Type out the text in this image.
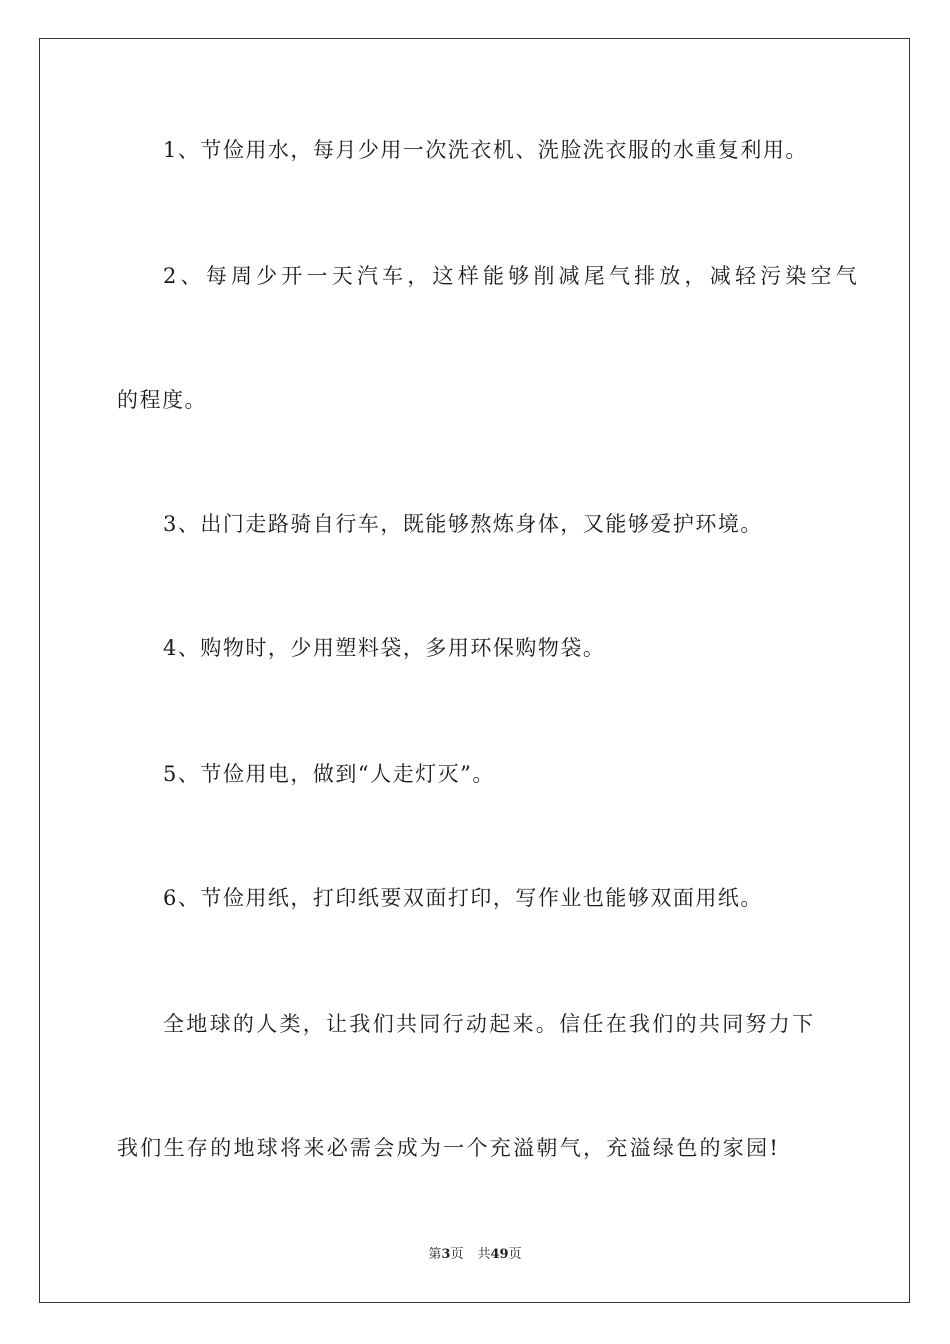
1、节俭用水，每月少用一次洗衣机、洗脸洗衣服的水重复利用。
2、每周少开一天汽车，这样能够削减尾气排放，减轻污染空气
的程度。
3、出门走路骑自行车，既能够熬炼身体，又能够爱护环境。
4、购物时，少用塑料袋，多用环保购物袋。
5、节俭用电，做到“人走灯灭”。
6、节俭用纸，打印纸要双面打印，写作业也能够双面用纸。
全地球的人类，让我们共同行动起来。信任在我们的共同努力下
我们生存的地球将来必需会成为一个充溢朝气，充溢绿色的家园!
第3页 共49页
